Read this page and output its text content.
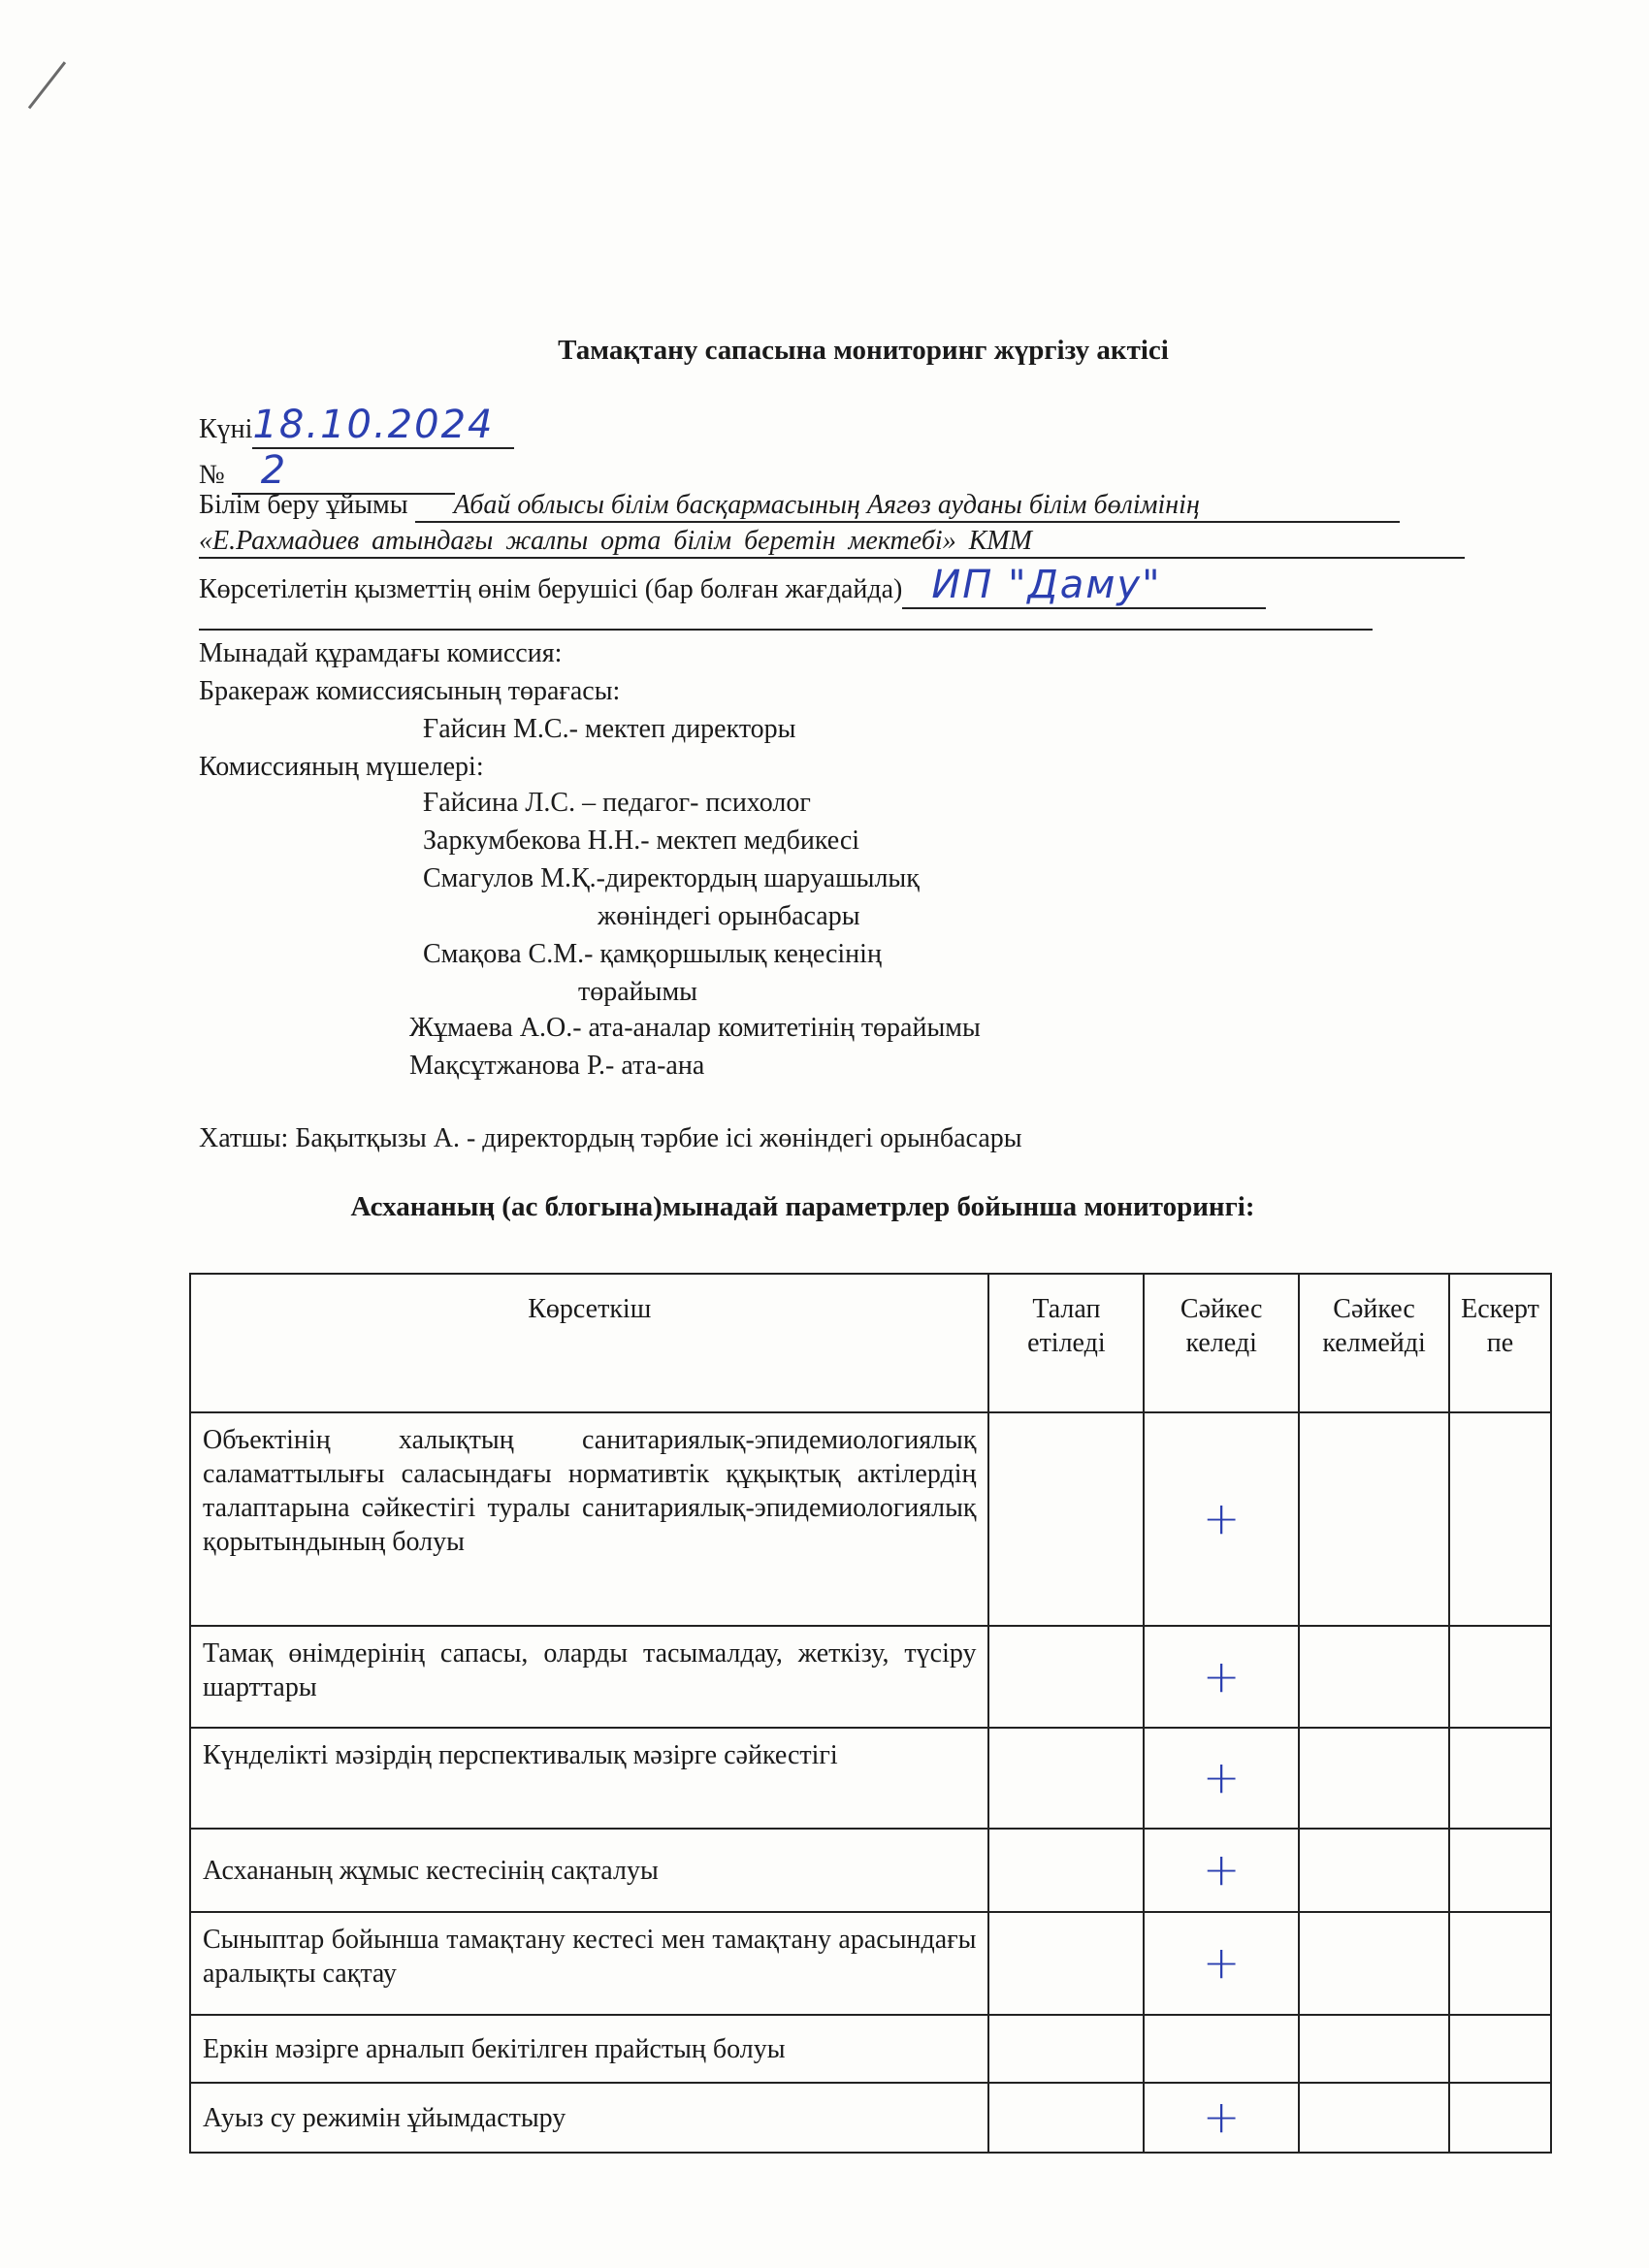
Тамақтану сапасына мониторинг жүргізу актісі
Күні18.10.2024
№ 2
Білім беру ұйымы Абай облысы білім басқармасының Аягөз ауданы білім бөлімінің
«Е.Рахмадиев атындағы жалпы орта білім беретін мектебі» КММ
Көрсетілетін қызметтің өнім берушісі (бар болған жағдайда) ИП "Даму"
Мынадай құрамдағы комиссия:
Бракераж комиссиясының төрағасы:
Ғайсин М.С.- мектеп директоры
Комиссияның мүшелері:
Ғайсина Л.С. – педагог- психолог
Заркумбекова Н.Н.- мектеп медбикесі
Смагулов М.Қ.-директордың шаруашылық
жөніндегі орынбасары
Смақова С.М.- қамқоршылық кеңесінің
төрайымы
Жұмаева А.О.- ата-аналар комитетінің төрайымы
Мақсұтжанова Р.- ата-ана
Хатшы: Бақытқызы А. - директордың тәрбие ісі жөніндегі орынбасары
Асхананың (ас блогына)мынадай параметрлер бойынша мониторингі:
Көрсеткіш	Талап етіледі	Сәйкес келеді	Сәйкес келмейді	Ескерт пе
Объектінің халықтың санитариялық-эпидемиологиялық саламаттылығы саласындағы нормативтік құқықтық актілердің талаптарына сәйкестігі туралы санитариялық-эпидемиологиялық қорытындының болуы		+		
Тамақ өнімдерінің сапасы, оларды тасымалдау, жеткізу, түсіру шарттары		+		
Күнделікті мәзірдің перспективалық мәзірге сәйкестігі		+		
Асхананың жұмыс кестесінің сақталуы		+		
Сыныптар бойынша тамақтану кестесі мен тамақтану арасындағы аралықты сақтау		+		
Еркін мәзірге арналып бекітілген прайстың болуы				
Ауыз су режимін ұйымдастыру		+		
